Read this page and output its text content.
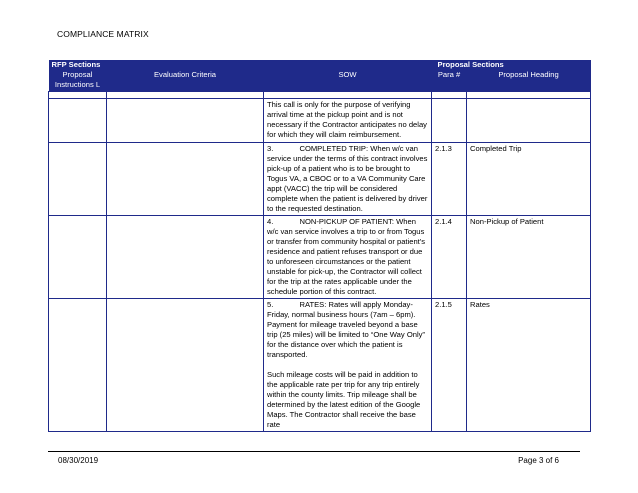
COMPLIANCE MATRIX
RFP Sections			Proposal Sections	
Proposal Instructions L	Evaluation Criteria	SOW	Para #	Proposal Heading

		This call is only for the purpose of verifying arrival time at the pickup point and is not necessary if the Contractor anticipates no delay for which they will claim reimbursement.		

		3. COMPLETED TRIP: When w/c van service under the terms of this contract involves pick-up of a patient who is to be brought to Togus VA, a CBOC or to a VA Community Care appt (VACC) the trip will be considered complete when the patient is delivered by driver to the requested destination.	2.1.3	Completed Trip
		4. NON-PICKUP OF PATIENT: When w/c van service involves a trip to or from Togus or transfer from community hospital or patient's residence and patient refuses transport or due to unforeseen circumstances or the patient unstable for pick-up, the Contractor will collect for the trip at the rates applicable under the schedule portion of this contract.	2.1.4	Non-Pickup of Patient
		5. RATES: Rates will apply Monday-Friday, normal business hours (7am – 6pm). Payment for mileage traveled beyond a base trip (25 miles) will be limited to “One Way Only” for the distance over which the patient is transported.
Such mileage costs will be paid in addition to the applicable rate per trip for any trip entirely within the county limits. Trip mileage shall be determined by the latest edition of the Google Maps. The Contractor shall receive the base rate	2.1.5	Rates
08/30/2019	Page 3 of 6
